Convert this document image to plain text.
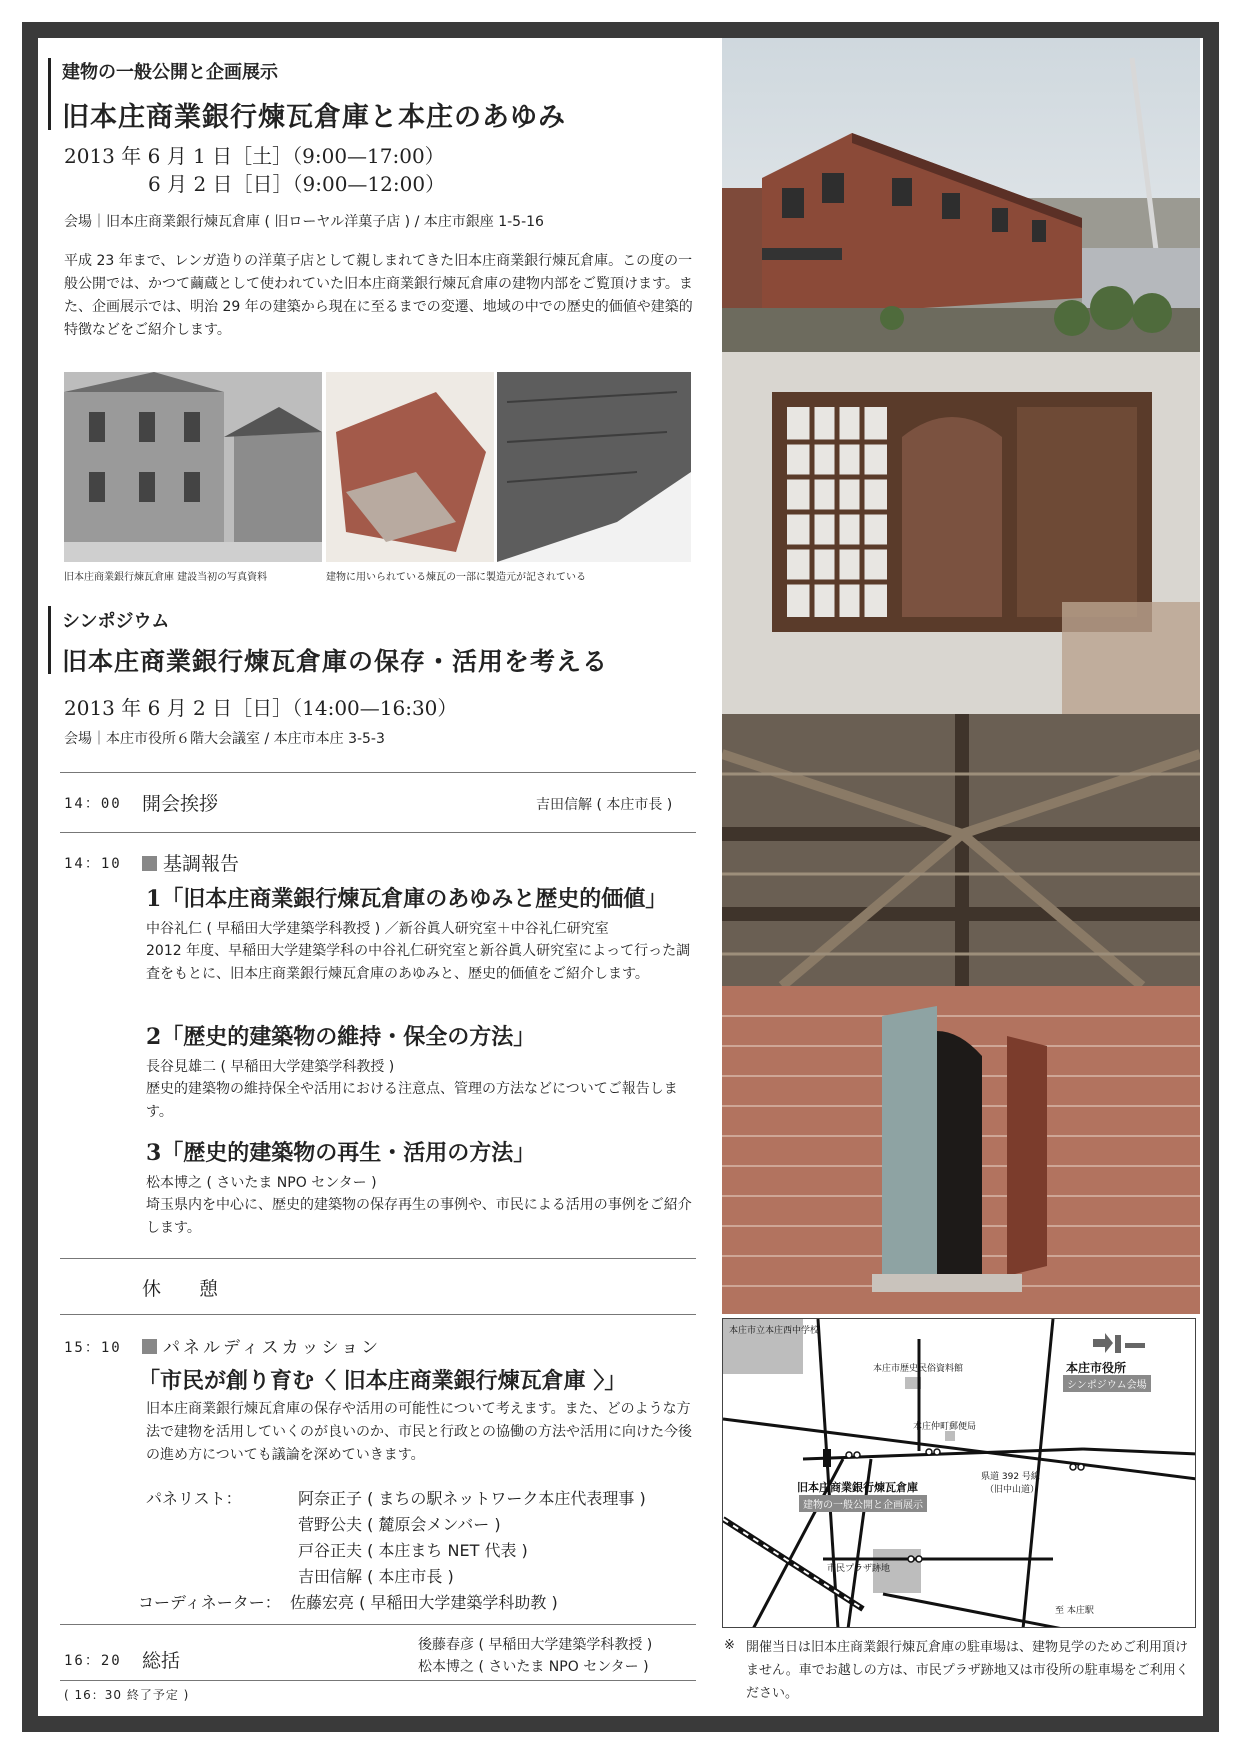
建物の一般公開と企画展示
旧本庄商業銀行煉瓦倉庫と本庄のあゆみ
2013 年 6 月 1 日［土］（9:00—17:00）
6 月 2 日［日］（9:00—12:00）
会場｜旧本庄商業銀行煉瓦倉庫 ( 旧ローヤル洋菓子店 ) / 本庄市銀座 1-5-16
平成 23 年まで、レンガ造りの洋菓子店として親しまれてきた旧本庄商業銀行煉瓦倉庫。この度の一般公開では、かつて繭蔵として使われていた旧本庄商業銀行煉瓦倉庫の建物内部をご覧頂けます。また、企画展示では、明治 29 年の建築から現在に至るまでの変遷、地域の中での歴史的価値や建築的特徴などをご紹介します。
旧本庄商業銀行煉瓦倉庫 建設当初の写真資料	建物に用いられている煉瓦の一部に製造元が記されている
シンポジウム
旧本庄商業銀行煉瓦倉庫の保存・活用を考える
2013 年 6 月 2 日［日］（14:00—16:30）
会場｜本庄市役所６階大会議室 / 本庄市本庄 3-5-3
14：00 開会挨拶	吉田信解 ( 本庄市長 )
14：10	基調報告
1「旧本庄商業銀行煉瓦倉庫のあゆみと歴史的価値」
中谷礼仁 ( 早稲田大学建築学科教授 ) ／新谷眞人研究室＋中谷礼仁研究室
2012 年度、早稲田大学建築学科の中谷礼仁研究室と新谷眞人研究室によって行った調査をもとに、旧本庄商業銀行煉瓦倉庫のあゆみと、歴史的価値をご紹介します。
2「歴史的建築物の維持・保全の方法」
長谷見雄二 ( 早稲田大学建築学科教授 )
歴史的建築物の維持保全や活用における注意点、管理の方法などについてご報告します。
3「歴史的建築物の再生・活用の方法」
松本博之 ( さいたま NPO センター )
埼玉県内を中心に、歴史的建築物の保存再生の事例や、市民による活用の事例をご紹介します。
休　　憩
15：10	パネルディスカッション
「市民が創り育む〈 旧本庄商業銀行煉瓦倉庫 〉」
旧本庄商業銀行煉瓦倉庫の保存や活用の可能性について考えます。また、どのような方法で建物を活用していくのが良いのか、市民と行政との協働の方法や活用に向けた今後の進め方についても議論を深めていきます。
パネリスト：	阿奈正子 ( まちの駅ネットワーク本庄代表理事 )
菅野公夫 ( 麓原会メンバー )
戸谷正夫 ( 本庄まち NET 代表 )
吉田信解 ( 本庄市長 )
コーディネーター： 佐藤宏亮 ( 早稲田大学建築学科助教 )
16：20 総括
後藤春彦 ( 早稲田大学建築学科教授 )
松本博之 ( さいたま NPO センター )
( 16：30 終了予定 )
本庄市立本庄西中学校
本庄市歴史民俗資料館	本庄市役所
シンポジウム会場
本庄仲町郵便局
県道 392 号線
（旧中山道）
旧本庄商業銀行煉瓦倉庫
建物の一般公開と企画展示
市民プラザ跡地
至 本庄駅
※ 開催当日は旧本庄商業銀行煉瓦倉庫の駐車場は、建物見学のためご利用頂けません。車でお越しの方は、市民プラザ跡地又は市役所の駐車場をご利用ください。
